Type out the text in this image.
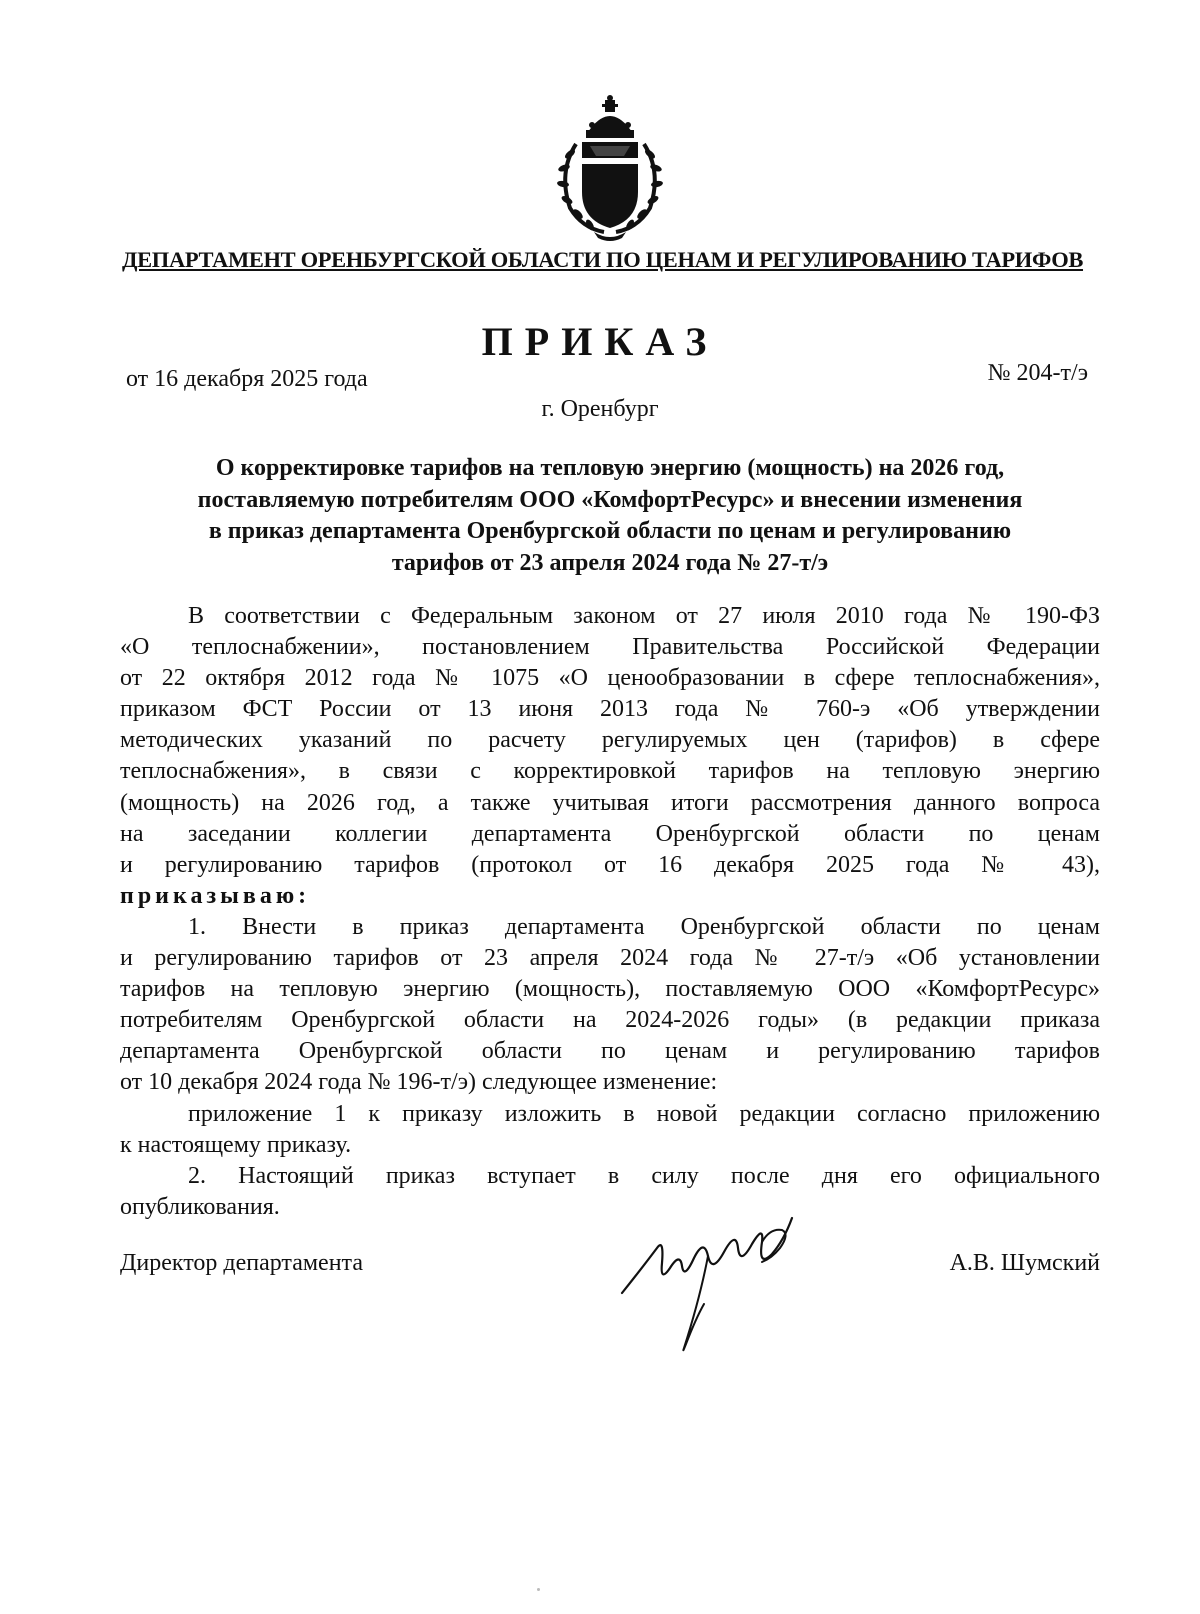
ДЕПАРТАМЕНТ ОРЕНБУРГСКОЙ ОБЛАСТИ ПО ЦЕНАМ И РЕГУЛИРОВАНИЮ ТАРИФОВ
ПРИКАЗ
от 16 декабря 2025 года	№ 204-т/э
г. Оренбург
О корректировке тарифов на тепловую энергию (мощность) на 2026 год,
поставляемую потребителям ООО «КомфортРесурс» и внесении изменения
в приказ департамента Оренбургской области по ценам и регулированию
тарифов от 23 апреля 2024 года № 27-т/э
В соответствии с Федеральным законом от 27 июля 2010 года № 190-ФЗ
«О теплоснабжении», постановлением Правительства Российской Федерации
от 22 октября 2012 года № 1075 «О ценообразовании в сфере теплоснабжения»,
приказом ФСТ России от 13 июня 2013 года № 760-э «Об утверждении
методических указаний по расчету регулируемых цен (тарифов) в сфере
теплоснабжения», в связи с корректировкой тарифов на тепловую энергию
(мощность) на 2026 год, а также учитывая итоги рассмотрения данного вопроса
на заседании коллегии департамента Оренбургской области по ценам
и регулированию тарифов (протокол от 16 декабря 2025 года № 43),
приказываю:
1. Внести в приказ департамента Оренбургской области по ценам
и регулированию тарифов от 23 апреля 2024 года № 27-т/э «Об установлении
тарифов на тепловую энергию (мощность), поставляемую ООО «КомфортРесурс»
потребителям Оренбургской области на 2024-2026 годы» (в редакции приказа
департамента Оренбургской области по ценам и регулированию тарифов
от 10 декабря 2024 года № 196-т/э) следующее изменение:
приложение 1 к приказу изложить в новой редакции согласно приложению
к настоящему приказу.
2. Настоящий приказ вступает в силу после дня его официального
опубликования.
Директор департамента	А.В. Шумский
